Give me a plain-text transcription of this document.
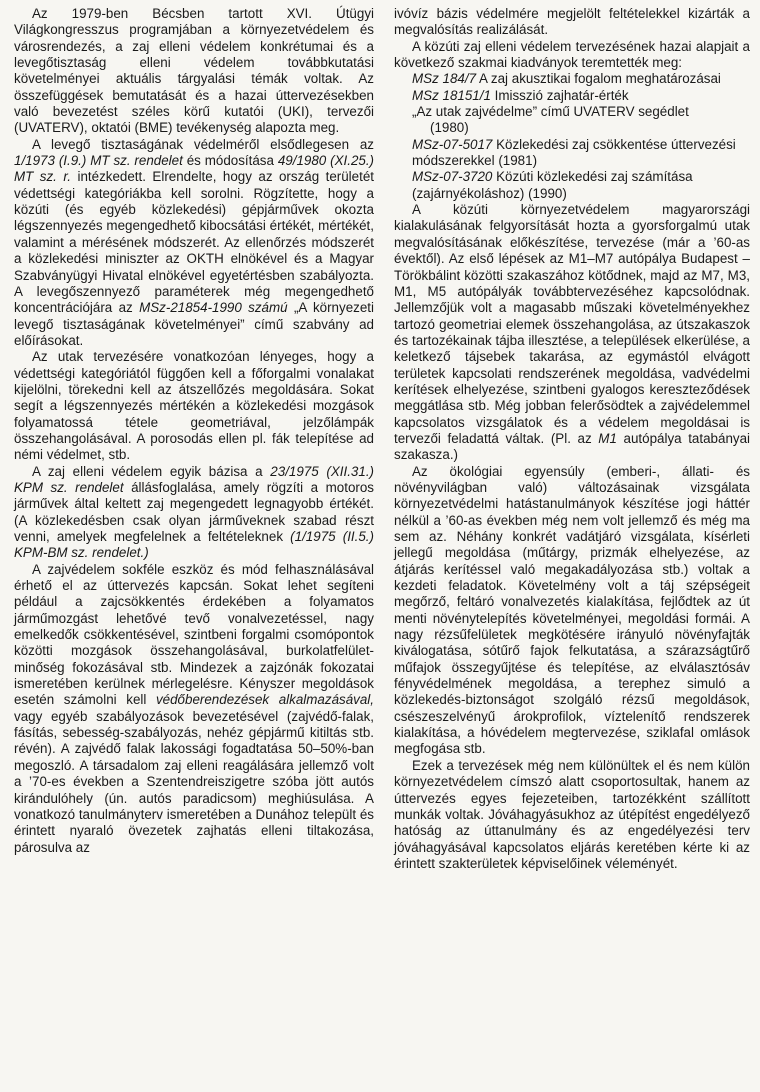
Az 1979-ben Bécsben tartott XVI. Útügyi Világkongresszus programjában a környezetvédelem és városrendezés, a zaj elleni védelem konkrétumai és a levegőtisztaság elleni védelem továbbkutatási követelményei aktuális tárgyalási témák voltak. Az összefüggések bemutatását és a hazai úttervezésekben való bevezetést széles körű kutatói (UKI), tervezői (UVATERV), oktatói (BME) tevékenység alapozta meg.

A levegő tisztaságának védelméről elsődlegesen az 1/1973 (I.9.) MT sz. rendelet és módosítása 49/1980 (XI.25.) MT sz. r. intézkedett. Elrendelte, hogy az ország területét védettségi kategóriákba kell sorolni. Rögzítette, hogy a közúti (és egyéb közlekedési) gépjárművek okozta légszennyezés megengedhető kibocsátási értékét, mértékét, valamint a mérésének módszerét. Az ellenőrzés módszerét a közlekedési miniszter az OKTH elnökével és a Magyar Szabványügyi Hivatal elnökével egyetértésben szabályozta. A levegőszennyező paraméterek még megengedhető koncentrációjára az MSz-21854-1990 számú „A környezeti levegő tisztaságának követelményei” című szabvány ad előírásokat.

Az utak tervezésére vonatkozóan lényeges, hogy a védettségi kategóriától függően kell a főforgalmi vonalakat kijelölni, törekedni kell az átszellőzés megoldására. Sokat segít a légszennyezés mértékén a közlekedési mozgások folyamatossá tétele geometriával, jelzőlámpák összehangolásával. A porosodás ellen pl. fák telepítése ad némi védelmet, stb.

A zaj elleni védelem egyik bázisa a 23/1975 (XII.31.) KPM sz. rendelet állásfoglalása, amely rögzíti a motoros járművek által keltett zaj megengedett legnagyobb értékét. (A közlekedésben csak olyan járműveknek szabad részt venni, amelyek megfelelnek a feltételeknek (1/1975 (II.5.) KPM-BM sz. rendelet.)

A zajvédelem sokféle eszköz és mód felhasználásával érhető el az úttervezés kapcsán. Sokat lehet segíteni például a zajcsökkentés érdekében a folyamatos járműmozgást lehetővé tevő vonalvezetéssel, nagy emelkedők csökkentésével, szintbeni forgalmi csomópontok közötti mozgások összehangolásával, burkolatfelület-minőség fokozásával stb. Mindezek a zajzónák fokozatai ismeretében kerülnek mérlegelésre. Kényszer megoldások esetén számolni kell védőberendezések alkalmazásával, vagy egyéb szabályozások bevezetésével (zajvédő-falak, fásítás, sebesség-szabályozás, nehéz gépjármű kitiltás stb. révén). A zajvédő falak lakossági fogadtatása 50–50%-ban megoszló. A társadalom zaj elleni reagálására jellemző volt a ’70-es években a Szentendreiszigetre szóba jött autós kirándulóhely (ún. autós paradicsom) meghiúsulása. A vonatkozó tanulmányterv ismeretében a Dunához települt és érintett nyaraló övezetek zajhatás elleni tiltakozása, párosulva az

ivóvíz bázis védelmére megjelölt feltételekkel kizárták a megvalósítás realizálását.

A közúti zaj elleni védelem tervezésének hazai alapjait a következő szakmai kiadványok teremtették meg:

MSz 184/7 A zaj akusztikai fogalom meghatározásai

MSz 18151/1 Imisszió zajhatár-érték

„Az utak zajvédelme” című UVATERV segédlet
(1980)

MSz-07-5017 Közlekedési zaj csökkentése úttervezési módszerekkel (1981)

MSz-07-3720 Közúti közlekedési zaj számítása (zajárnyékoláshoz) (1990)

A közúti környezetvédelem magyarországi kialakulásának felgyorsítását hozta a gyorsforgalmú utak megvalósításának előkészítése, tervezése (már a ’60-as évektől). Az első lépések az M1–M7 autópálya Budapest – Törökbálint közötti szakaszához kötődnek, majd az M7, M3, M1, M5 autópályák továbbtervezéséhez kapcsolódnak. Jellemzőjük volt a magasabb műszaki követelményekhez tartozó geometriai elemek összehangolása, az útszakaszok és tartozékainak tájba illesztése, a települések elkerülése, a keletkező tájsebek takarása, az egymástól elvágott területek kapcsolati rendszerének megoldása, vadvédelmi kerítések elhelyezése, szintbeni gyalogos kereszteződések meggátlása stb. Még jobban felerősödtek a zajvédelemmel kapcsolatos vizsgálatok és a védelem megoldásai is tervezői feladattá váltak. (Pl. az M1 autópálya tatabányai szakasza.)

Az ökológiai egyensúly (emberi-, állati- és növényvilágban való) változásainak vizsgálata környezetvédelmi hatástanulmányok készítése jogi háttér nélkül a ’60-as években még nem volt jellemző és még ma sem az. Néhány konkrét vadátjáró vizsgálata, kísérleti jellegű megoldása (műtárgy, prizmák elhelyezése, az átjárás kerítéssel való megakadályozása stb.) voltak a kezdeti feladatok. Követelmény volt a táj szépségeit megőrző, feltáró vonalvezetés kialakítása, fejlődtek az út menti növénytelepítés követelményei, megoldási formái. A nagy rézsűfelületek megkötésére irányuló növényfajták kiválogatása, sótűrő fajok felkutatása, a szárazságtűrő műfajok összegyűjtése és telepítése, az elválasztósáv fényvédelmének megoldása, a terephez simuló a közlekedés-biztonságot szolgáló rézsű megoldások, csészeszelvényű árokprofilok, víztelenítő rendszerek kialakítása, a hóvédelem megtervezése, sziklafal omlások megfogása stb.

Ezek a tervezések még nem különültek el és nem külön környezetvédelem címszó alatt csoportosultak, hanem az úttervezés egyes fejezeteiben, tartozékként szállított munkák voltak. Jóváhagyásukhoz az útépítést engedélyező hatóság az úttanulmány és az engedélyezési terv jóváhagyásával kapcsolatos eljárás keretében kérte ki az érintett szakterületek képviselőinek véleményét.
